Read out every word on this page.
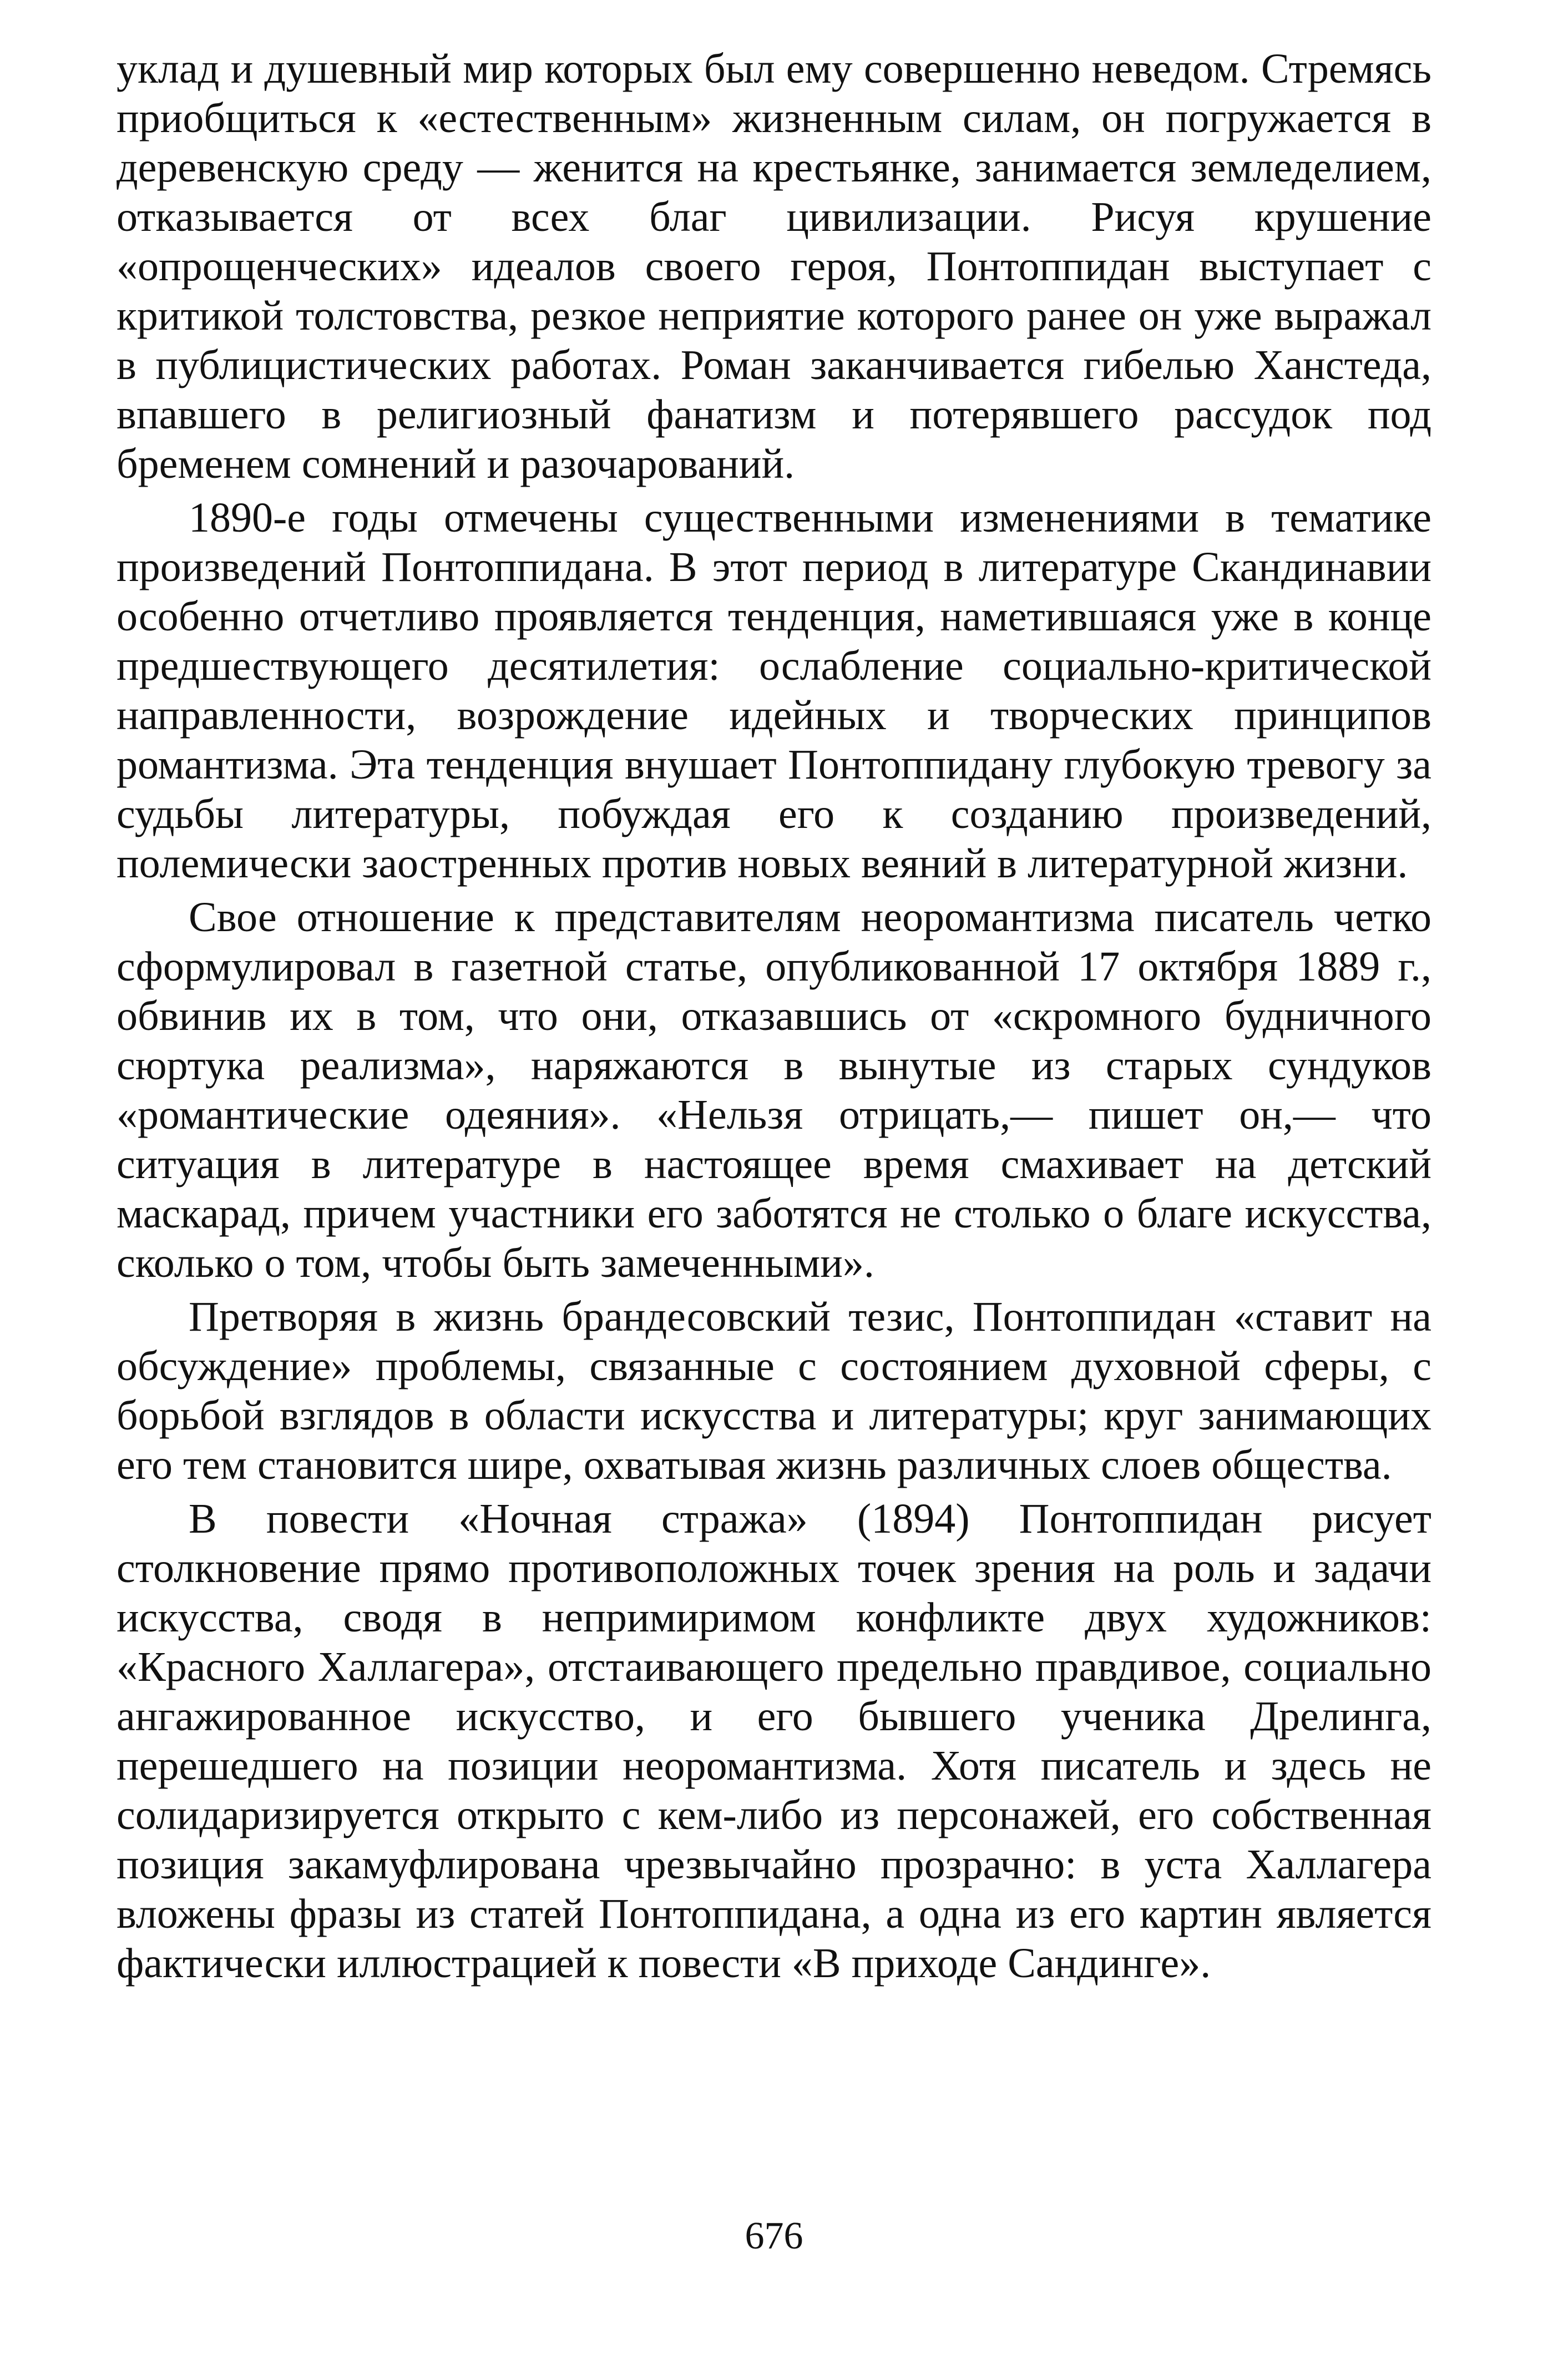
уклад и душевный мир которых был ему совершенно неведом. Стремясь приобщиться к «естественным» жизненным силам, он погружается в деревенскую среду — женится на крестьянке, занимается земледелием, отказывается от всех благ цивилизации. Рисуя крушение «опрощенческих» идеалов своего героя, Понтоппидан выступает с критикой толстовства, резкое неприятие которого ранее он уже выражал в публицистических работах. Роман заканчивается гибелью Ханстеда, впавшего в религиозный фанатизм и потерявшего рассудок под бременем сомнений и разочарований.

1890-е годы отмечены существенными изменениями в тематике произведений Понтоппидана. В этот период в литературе Скандинавии особенно отчетливо проявляется тенденция, наметившаяся уже в конце предшествующего десятилетия: ослабление социально-критической направленности, возрождение идейных и творческих принципов романтизма. Эта тенденция внушает Понтоппидану глубокую тревогу за судьбы литературы, побуждая его к созданию произведений, полемически заостренных против новых веяний в литературной жизни.

Свое отношение к представителям неоромантизма писатель четко сформулировал в газетной статье, опубликованной 17 октября 1889 г., обвинив их в том, что они, отказавшись от «скромного будничного сюртука реализма», наряжаются в вынутые из старых сундуков «романтические одеяния». «Нельзя отрицать,— пишет он,— что ситуация в литературе в настоящее время смахивает на детский маскарад, причем участники его заботятся не столько о благе искусства, сколько о том, чтобы быть замеченными».

Претворяя в жизнь брандесовский тезис, Понтоппидан «ставит на обсуждение» проблемы, связанные с состоянием духовной сферы, с борьбой взглядов в области искусства и литературы; круг занимающих его тем становится шире, охватывая жизнь различных слоев общества.

В повести «Ночная стража» (1894) Понтоппидан рисует столкновение прямо противоположных точек зрения на роль и задачи искусства, сводя в непримиримом конфликте двух художников: «Красного Халлагера», отстаивающего предельно правдивое, социально ангажированное искусство, и его бывшего ученика Дрелинга, перешедшего на позиции неоромантизма. Хотя писатель и здесь не солидаризируется открыто с кем-либо из персонажей, его собственная позиция закамуфлирована чрезвычайно прозрачно: в уста Халлагера вложены фразы из статей Понтоппидана, а одна из его картин является фактически иллюстрацией к повести «В приходе Сандинге».

676
